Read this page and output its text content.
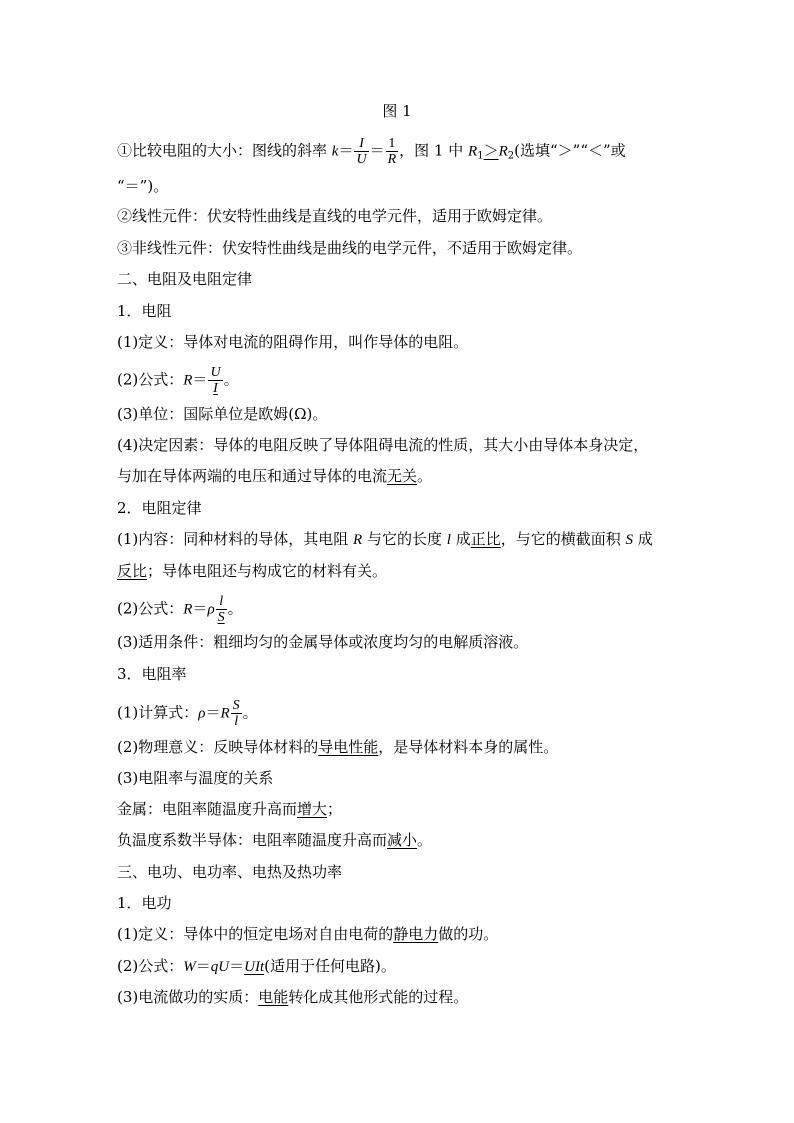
图 1
①比较电阻的大小：图线的斜率 $k= \frac{I}{U} = \frac{1}{R}$ ，图 1 中 $R_1>R_2$(选填“＞”“＜”或
“＝”)。
②线性元件：伏安特性曲线是直线的电学元件，适用于欧姆定律。
③非线性元件：伏安特性曲线是曲线的电学元件，不适用于欧姆定律。
二、电阻及电阻定律
1．电阻
(1)定义：导体对电流的阻碍作用，叫作导体的电阻。
(2)公式：$R= \frac{U}{I}$ 。
(3)单位：国际单位是欧姆(Ω)。
(4)决定因素：导体的电阻反映了导体阻碍电流的性质，其大小由导体本身决定，
与加在导体两端的电压和通过导体的电流无关。
2．电阻定律
(1)内容：同种材料的导体，其电阻 R 与它的长度 l 成正比，与它的横截面积 S 成
反比；导体电阻还与构成它的材料有关。
(2)公式：$R=\rho \frac{l}{S}$ 。
(3)适用条件：粗细均匀的金属导体或浓度均匀的电解质溶液。
3．电阻率
(1)计算式：$\rho=R \frac{S}{l}$ 。
(2)物理意义：反映导体材料的导电性能，是导体材料本身的属性。
(3)电阻率与温度的关系
金属：电阻率随温度升高而增大；
负温度系数半导体：电阻率随温度升高而减小。
三、电功、电功率、电热及热功率
1．电功
(1)定义：导体中的恒定电场对自由电荷的静电力做的功。
(2)公式：W＝qU＝UIt(适用于任何电路)。
(3)电流做功的实质：电能转化成其他形式能的过程。
